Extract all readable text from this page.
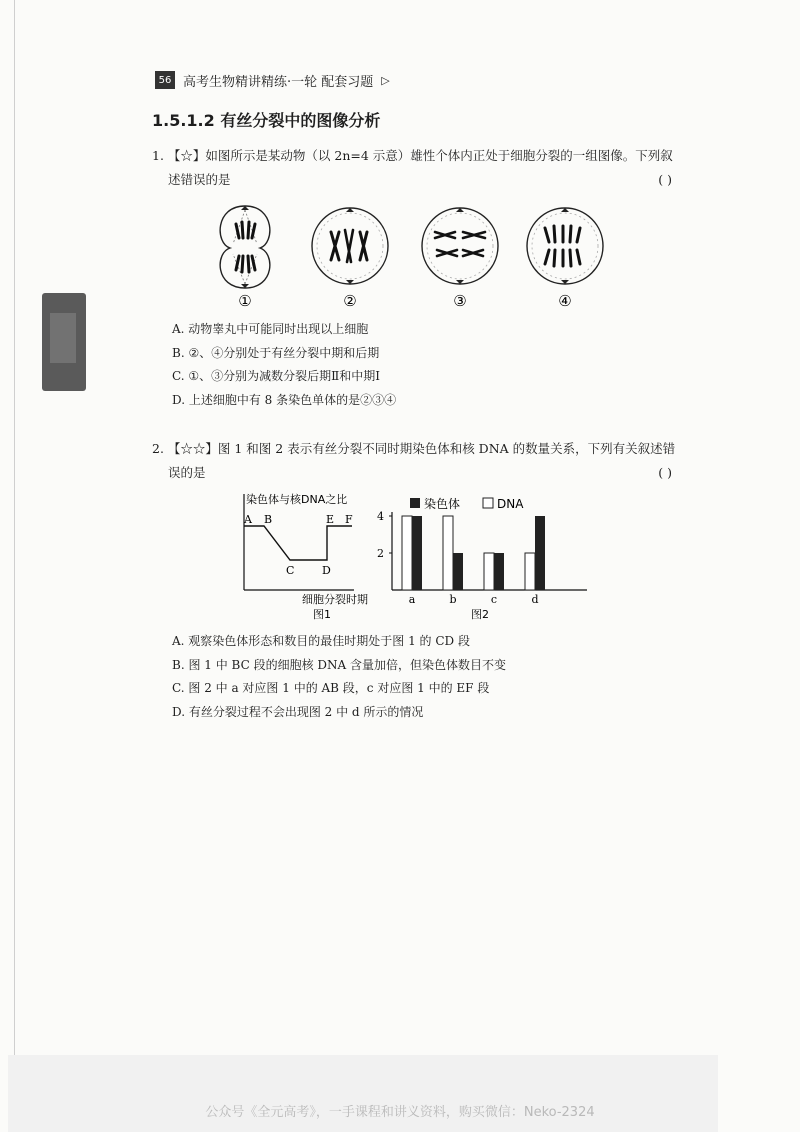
56 高考生物精讲精练·一轮 配套习题 ▷
1.5.1.2 有丝分裂中的图像分析
1. 【☆】如图所示是某动物（以 2n=4 示意）雄性个体内正处于细胞分裂的一组图像。下列叙
述错误的是	( )
①	②	③	④
A. 动物睾丸中可能同时出现以上细胞
B. ②、④分别处于有丝分裂中期和后期
C. ①、③分别为减数分裂后期Ⅱ和中期Ⅰ
D. 上述细胞中有 8 条染色单体的是②③④
2. 【☆☆】图 1 和图 2 表示有丝分裂不同时期染色体和核 DNA 的数量关系，下列有关叙述错
误的是	( )
染色体与核DNA之比
A B
C	D
E F
细胞分裂时期
图1
染色体	DNA
图2
2
4
a	b	c	d
A. 观察染色体形态和数目的最佳时期处于图 1 的 CD 段
B. 图 1 中 BC 段的细胞核 DNA 含量加倍，但染色体数目不变
C. 图 2 中 a 对应图 1 中的 AB 段，c 对应图 1 中的 EF 段
D. 有丝分裂过程不会出现图 2 中 d 所示的情况
公众号《全元高考》，一手课程和讲义资料，购买微信：Neko-2324
